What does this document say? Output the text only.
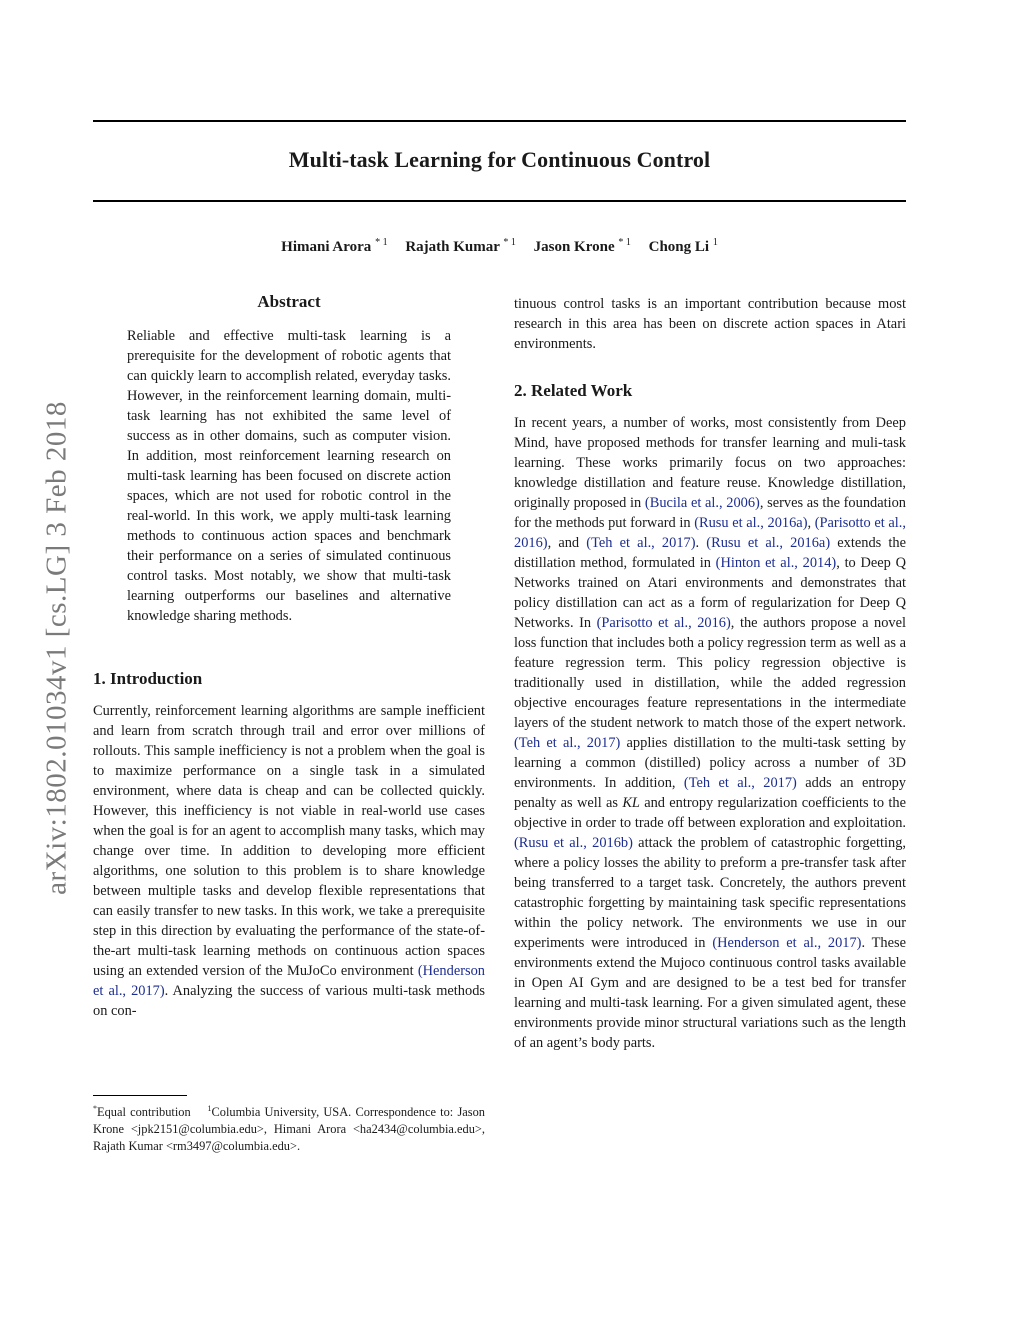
Multi-task Learning for Continuous Control
Himani Arora $^{* 1}$ Rajath Kumar $^{* 1}$ Jason Krone $^{* 1}$ Chong Li $^1$
arXiv:1802.01034v1 [cs.LG] 3 Feb 2018
Abstract

Reliable and effective multi-task learning is a prerequisite for the development of robotic agents that can quickly learn to accomplish related, everyday tasks. However, in the reinforcement learning domain, multi-task learning has not exhibited the same level of success as in other domains, such as computer vision. In addition, most reinforcement learning research on multi-task learning has been focused on discrete action spaces, which are not used for robotic control in the real-world. In this work, we apply multi-task learning methods to continuous action spaces and benchmark their performance on a series of simulated continuous control tasks. Most notably, we show that multi-task learning outperforms our baselines and alternative knowledge sharing methods.

1. Introduction

Currently, reinforcement learning algorithms are sample inefficient and learn from scratch through trail and error over millions of rollouts. This sample inefficiency is not a problem when the goal is to maximize performance on a single task in a simulated environment, where data is cheap and can be collected quickly. However, this inefficiency is not viable in real-world use cases when the goal is for an agent to accomplish many tasks, which may change over time. In addition to developing more efficient algorithms, one solution to this problem is to share knowledge between multiple tasks and develop flexible representations that can easily transfer to new tasks. In this work, we take a prerequisite step in this direction by evaluating the performance of the state-of-the-art multi-task learning methods on continuous action spaces using an extended version of the MuJoCo environment (Henderson et al., 2017). Analyzing the success of various multi-task methods on con-

*Equal contribution $^1$Columbia University, USA. Correspondence to: Jason Krone <jpk2151@columbia.edu>, Himani Arora <ha2434@columbia.edu>, Rajath Kumar <rm3497@columbia.edu>.

tinuous control tasks is an important contribution because most research in this area has been on discrete action spaces in Atari environments.

2. Related Work

In recent years, a number of works, most consistently from Deep Mind, have proposed methods for transfer learning and muli-task learning. These works primarily focus on two approaches: knowledge distillation and feature reuse. Knowledge distillation, originally proposed in (Bucila et al., 2006), serves as the foundation for the methods put forward in (Rusu et al., 2016a), (Parisotto et al., 2016), and (Teh et al., 2017). (Rusu et al., 2016a) extends the distillation method, formulated in (Hinton et al., 2014), to Deep Q Networks trained on Atari environments and demonstrates that policy distillation can act as a form of regularization for Deep Q Networks. In (Parisotto et al., 2016), the authors propose a novel loss function that includes both a policy regression term as well as a feature regression term. This policy regression objective is traditionally used in distillation, while the added regression objective encourages feature representations in the intermediate layers of the student network to match those of the expert network. (Teh et al., 2017) applies distillation to the multi-task setting by learning a common (distilled) policy across a number of 3D environments. In addition, (Teh et al., 2017) adds an entropy penalty as well as KL and entropy regularization coefficients to the objective in order to trade off between exploration and exploitation. (Rusu et al., 2016b) attack the problem of catastrophic forgetting, where a policy losses the ability to preform a pre-transfer task after being transferred to a target task. Concretely, the authors prevent catastrophic forgetting by maintaining task specific representations within the policy network. The environments we use in our experiments were introduced in (Henderson et al., 2017). These environments extend the Mujoco continuous control tasks available in Open AI Gym and are designed to be a test bed for transfer learning and multi-task learning. For a given simulated agent, these environments provide minor structural variations such as the length of an agent’s body parts.
